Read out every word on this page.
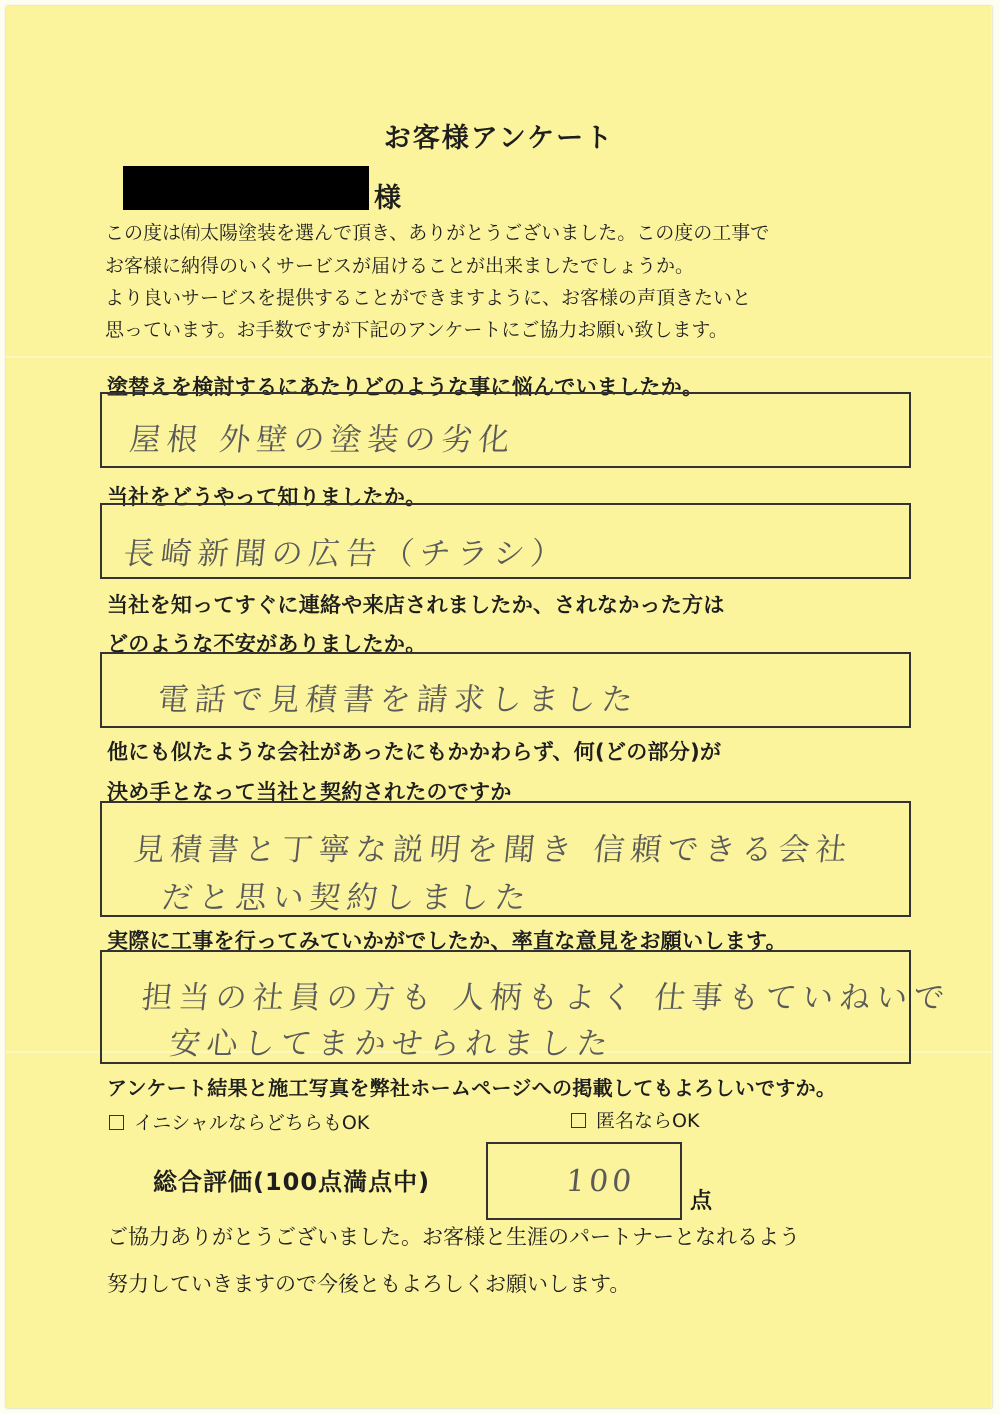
お客様アンケート
様
この度は㈲太陽塗装を選んで頂き、ありがとうございました。この度の工事で
お客様に納得のいくサービスが届けることが出来ましたでしょうか。
より良いサービスを提供することができますように、お客様の声頂きたいと
思っています。お手数ですが下記のアンケートにご協力お願い致します。
塗替えを検討するにあたりどのような事に悩んでいましたか。
屋根 外壁の塗装の劣化
当社をどうやって知りましたか。
長崎新聞の広告（チラシ）
当社を知ってすぐに連絡や来店されましたか、されなかった方は
どのような不安がありましたか。
電話で見積書を請求しました
他にも似たような会社があったにもかかわらず、何(どの部分)が
決め手となって当社と契約されたのですか
見積書と丁寧な説明を聞き 信頼できる会社
だと思い契約しました
実際に工事を行ってみていかがでしたか、率直な意見をお願いします。
担当の社員の方も 人柄もよく 仕事もていねいで
安心してまかせられました
アンケート結果と施工写真を弊社ホームページへの掲載してもよろしいですか。
イニシャルならどちらもOK	匿名ならOK
総合評価(100点満点中)	100
点
ご協力ありがとうございました。お客様と生涯のパートナーとなれるよう
努力していきますので今後ともよろしくお願いします。
